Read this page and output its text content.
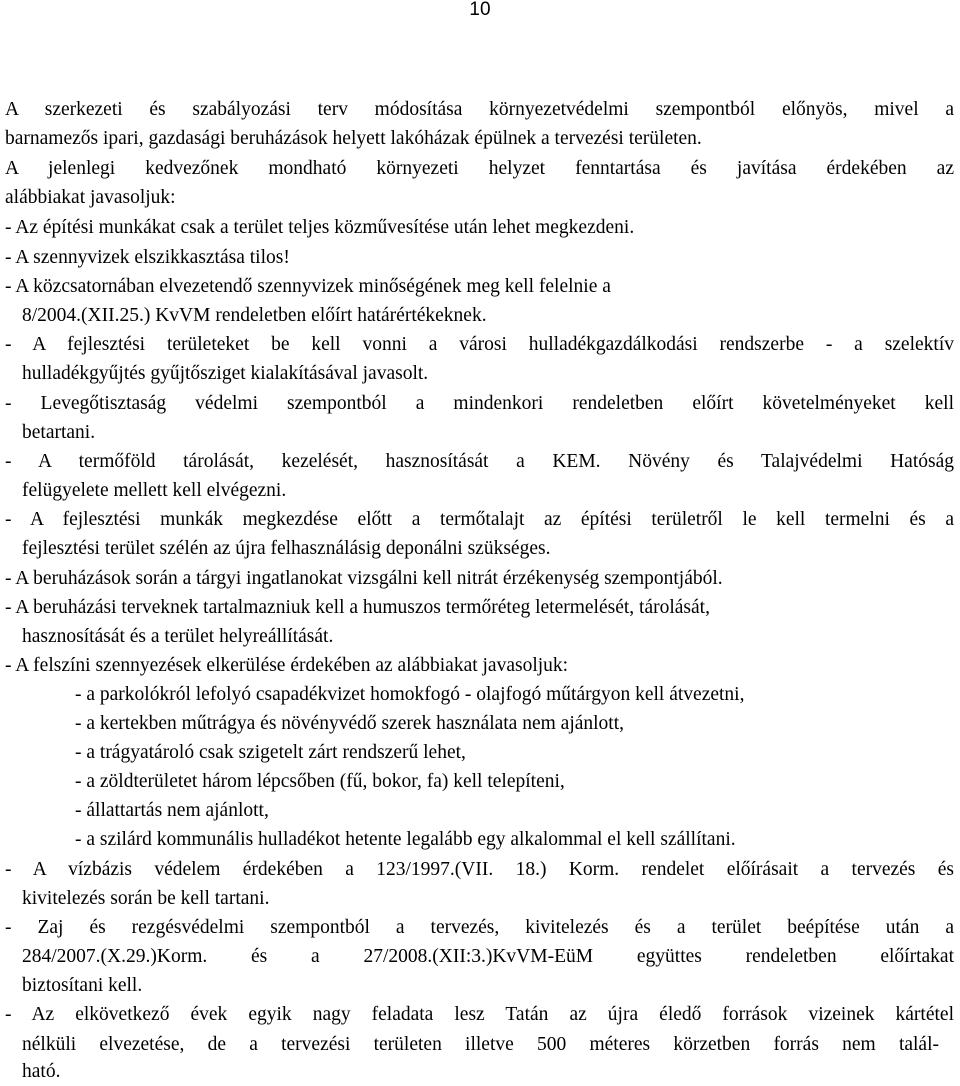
10
A szerkezeti és szabályozási terv módosítása környezetvédelmi szempontból előnyös, mivel a
barnamezős ipari, gazdasági beruházások helyett lakóházak épülnek a tervezési területen.
A jelenlegi kedvezőnek mondható környezeti helyzet fenntartása és javítása érdekében az
alábbiakat javasoljuk:
- Az építési munkákat csak a terület teljes közművesítése után lehet megkezdeni.
- A szennyvizek elszikkasztása tilos!
- A közcsatornában elvezetendő szennyvizek minőségének meg kell felelnie a
8/2004.(XII.25.) KvVM rendeletben előírt határértékeknek.
- A fejlesztési területeket be kell vonni a városi hulladékgazdálkodási rendszerbe - a szelektív
hulladékgyűjtés gyűjtősziget kialakításával javasolt.
- Levegőtisztaság védelmi szempontból a mindenkori rendeletben előírt követelményeket kell
betartani.
- A termőföld tárolását, kezelését, hasznosítását a KEM. Növény és Talajvédelmi Hatóság
felügyelete mellett kell elvégezni.
- A fejlesztési munkák megkezdése előtt a termőtalajt az építési területről le kell termelni és a
fejlesztési terület szélén az újra felhasználásig deponálni szükséges.
- A beruházások során a tárgyi ingatlanokat vizsgálni kell nitrát érzékenység szempontjából.
- A beruházási terveknek tartalmazniuk kell a humuszos termőréteg letermelését, tárolását,
hasznosítását és a terület helyreállítását.
- A felszíni szennyezések elkerülése érdekében az alábbiakat javasoljuk:
- a parkolókról lefolyó csapadékvizet homokfogó - olajfogó műtárgyon kell átvezetni,
- a kertekben műtrágya és növényvédő szerek használata nem ajánlott,
- a trágyatároló csak szigetelt zárt rendszerű lehet,
- a zöldterületet három lépcsőben (fű, bokor, fa) kell telepíteni,
- állattartás nem ajánlott,
- a szilárd kommunális hulladékot hetente legalább egy alkalommal el kell szállítani.
- A vízbázis védelem érdekében a 123/1997.(VII. 18.) Korm. rendelet előírásait a tervezés és
kivitelezés során be kell tartani.
- Zaj és rezgésvédelmi szempontból a tervezés, kivitelezés és a terület beépítése után a
284/2007.(X.29.)Korm. és a 27/2008.(XII:3.)KvVM-EüM együttes rendeletben előírtakat
biztosítani kell.
- Az elkövetkező évek egyik nagy feladata lesz Tatán az újra éledő források vizeinek kártétel
nélküli elvezetése, de a tervezési területen illetve 500 méteres körzetben forrás nem talál-
ható.
